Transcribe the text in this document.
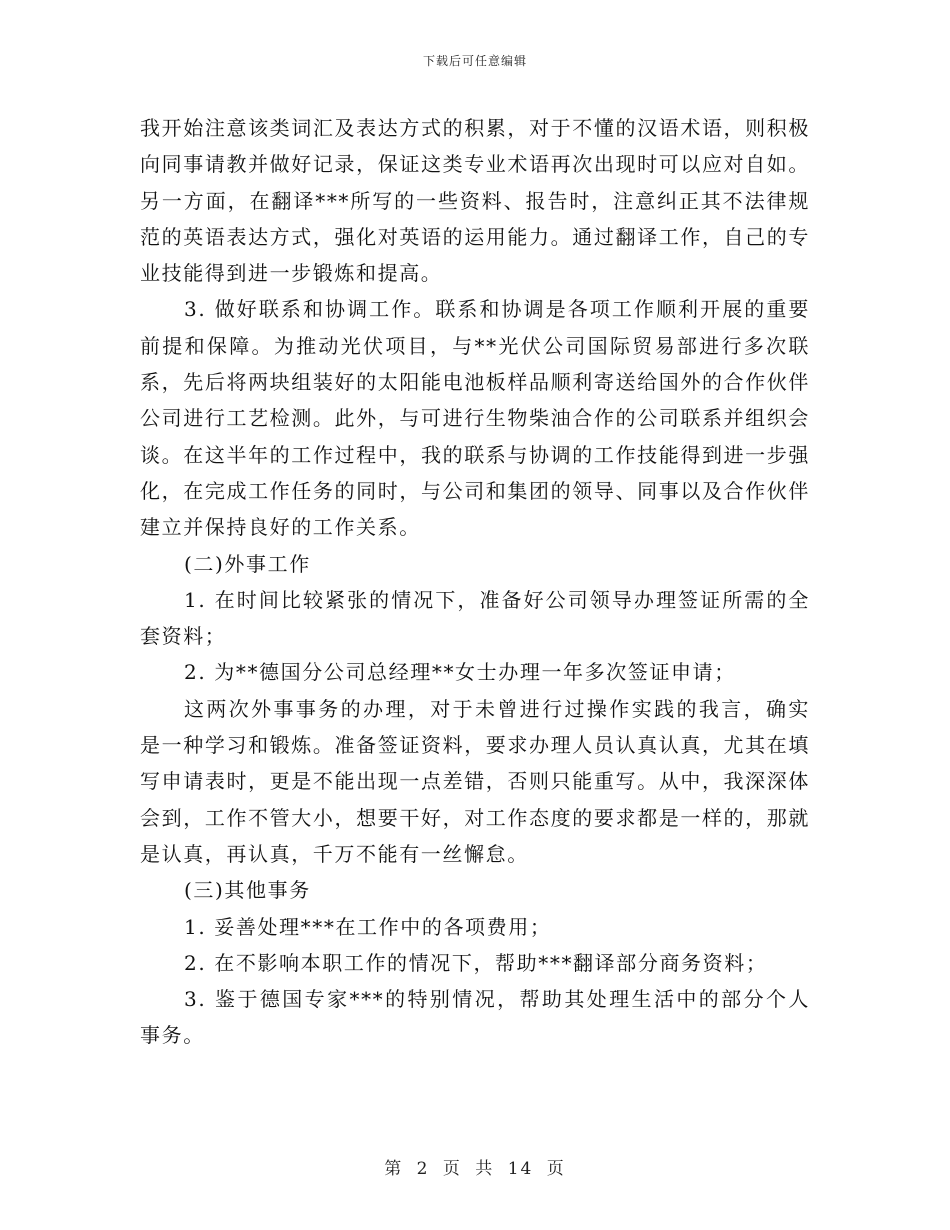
下载后可任意编辑

我开始注意该类词汇及表达方式的积累，对于不懂的汉语术语，则积极向同事请教并做好记录，保证这类专业术语再次出现时可以应对自如。另一方面，在翻译***所写的一些资料、报告时，注意纠正其不法律规范的英语表达方式，强化对英语的运用能力。通过翻译工作，自己的专业技能得到进一步锻炼和提高。

3. 做好联系和协调工作。联系和协调是各项工作顺利开展的重要前提和保障。为推动光伏项目，与**光伏公司国际贸易部进行多次联系，先后将两块组装好的太阳能电池板样品顺利寄送给国外的合作伙伴公司进行工艺检测。此外，与可进行生物柴油合作的公司联系并组织会谈。在这半年的工作过程中，我的联系与协调的工作技能得到进一步强化，在完成工作任务的同时，与公司和集团的领导、同事以及合作伙伴建立并保持良好的工作关系。

(二)外事工作

1. 在时间比较紧张的情况下，准备好公司领导办理签证所需的全套资料；

2. 为**德国分公司总经理**女士办理一年多次签证申请；

这两次外事事务的办理，对于未曾进行过操作实践的我言，确实是一种学习和锻炼。准备签证资料，要求办理人员认真认真，尤其在填写申请表时，更是不能出现一点差错，否则只能重写。从中，我深深体会到，工作不管大小，想要干好，对工作态度的要求都是一样的，那就是认真，再认真，千万不能有一丝懈怠。

(三)其他事务

1. 妥善处理***在工作中的各项费用；

2. 在不影响本职工作的情况下，帮助***翻译部分商务资料；

3. 鉴于德国专家***的特别情况，帮助其处理生活中的部分个人事务。

第 2 页 共 14 页
